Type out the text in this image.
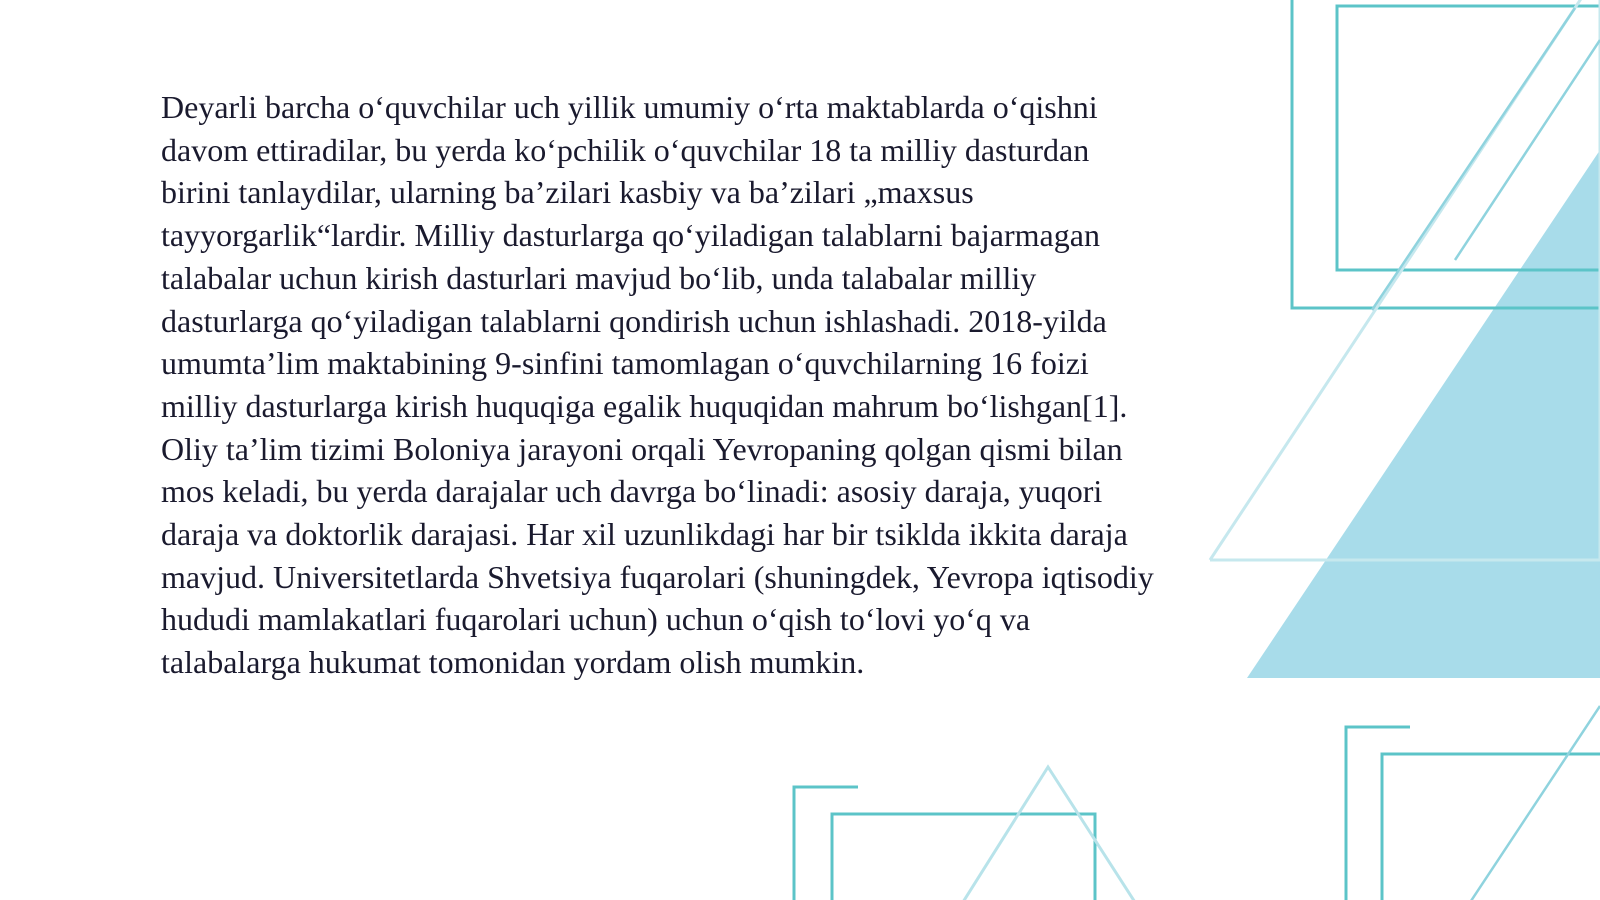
Deyarli barcha o‘quvchilar uch yillik umumiy o‘rta maktablarda o‘qishni davom ettiradilar, bu yerda ko‘pchilik o‘quvchilar 18 ta milliy dasturdan birini tanlaydilar, ularning ba’zilari kasbiy va ba’zilari „maxsus tayyorgarlik“lardir. Milliy dasturlarga qo‘yiladigan talablarni bajarmagan talabalar uchun kirish dasturlari mavjud bo‘lib, unda talabalar milliy dasturlarga qo‘yiladigan talablarni qondirish uchun ishlashadi. 2018-yilda umumta’lim maktabining 9-sinfini tamomlagan o‘quvchilarning 16 foizi milliy dasturlarga kirish huquqiga egalik huquqidan mahrum bo‘lishgan[1].

Oliy ta’lim tizimi Boloniya jarayoni orqali Yevropaning qolgan qismi bilan mos keladi, bu yerda darajalar uch davrga bo‘linadi: asosiy daraja, yuqori daraja va doktorlik darajasi. Har xil uzunlikdagi har bir tsiklda ikkita daraja mavjud. Universitetlarda Shvetsiya fuqarolari (shuningdek, Yevropa iqtisodiy hududi mamlakatlari fuqarolari uchun) uchun o‘qish to‘lovi yo‘q va talabalarga hukumat tomonidan yordam olish mumkin.
